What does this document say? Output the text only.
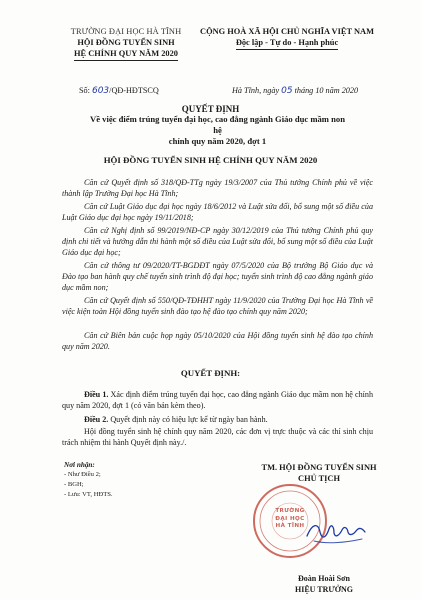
TRƯỜNG ĐẠI HỌC HÀ TĨNH
HỘI ĐỒNG TUYỂN SINH
HỆ CHÍNH QUY NĂM 2020
CỘNG HOÀ XÃ HỘI CHỦ NGHĨA VIỆT NAM
Độc lập - Tự do - Hạnh phúc
Số: 603/QĐ-HĐTSCQ	Hà Tĩnh, ngày 05 tháng 10 năm 2020
QUYẾT ĐỊNH
Về việc điểm trúng tuyển đại học, cao đẳng ngành Giáo dục mầm non hệ
chính quy năm 2020, đợt 1
HỘI ĐỒNG TUYỂN SINH HỆ CHÍNH QUY NĂM 2020

Căn cứ Quyết định số 318/QĐ-TTg ngày 19/3/2007 của Thủ tướng Chính phủ về việc thành lập Trường Đại học Hà Tĩnh;

Căn cứ Luật Giáo dục đại học ngày 18/6/2012 và Luật sửa đổi, bổ sung một số điều của Luật Giáo dục đại học ngày 19/11/2018;

Căn cứ Nghị định số 99/2019/NĐ-CP ngày 30/12/2019 của Thủ tướng Chính phủ quy định chi tiết và hướng dẫn thi hành một số điều của Luật sửa đổi, bổ sung một số điều của Luật Giáo dục đại học;

Căn cứ thông tư 09/2020/TT-BGDĐT ngày 07/5/2020 của Bộ trưởng Bộ Giáo dục và Đào tạo ban hành quy chế tuyển sinh trình độ đại học; tuyển sinh trình độ cao đẳng ngành giáo dục mầm non;

Căn cứ Quyết định số 550/QĐ-TĐHHT ngày 11/9/2020 của Trường Đại học Hà Tĩnh về việc kiện toàn Hội đồng tuyển sinh đào tạo hệ đào tạo chính quy năm 2020;

Căn cứ Biên bản cuộc họp ngày 05/10/2020 của Hội đồng tuyển sinh hệ đào tạo chính quy năm 2020.

QUYẾT ĐỊNH:

Điều 1. Xác định điểm trúng tuyển đại học, cao đẳng ngành Giáo dục mầm non hệ chính quy năm 2020, đợt 1 (có văn bản kèm theo).

Điều 2. Quyết định này có hiệu lực kể từ ngày ban hành.

Hội đồng tuyển sinh hệ chính quy năm 2020, các đơn vị trực thuộc và các thí sinh chịu trách nhiệm thi hành Quyết định này./.

Nơi nhận:
- Như Điều 2;
- BGH;
- Lưu: VT, HĐTS.
TM. HỘI ĐỒNG TUYỂN SINH
CHỦ TỊCH
TRƯỜNG
ĐẠI HỌC
HÀ TĨNH
Đoàn Hoài Sơn
HIỆU TRƯỞNG
